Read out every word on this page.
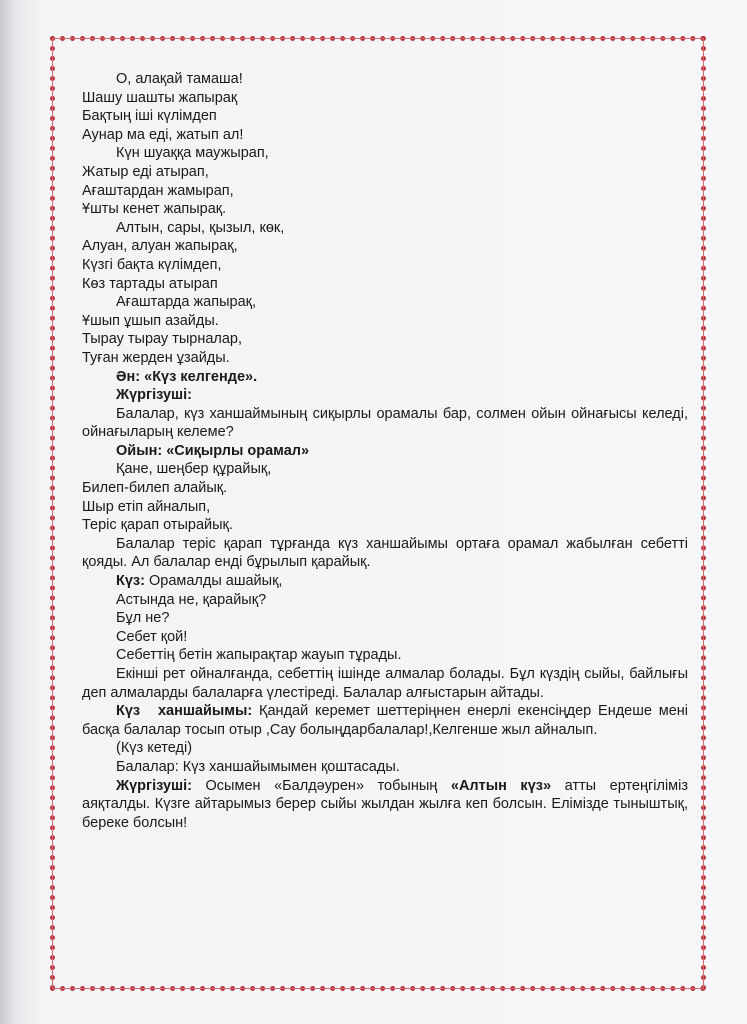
О, алақай тамаша!

Шашу шашты жапырақ

Бақтың іші күлімдеп

Аунар ма еді, жатып ал!

Күн шуаққа маужырап,

Жатыр еді атырап,

Ағаштардан жамырап,

Ұшты кенет жапырақ.

Алтын, сары, қызыл, көк,

Алуан, алуан жапырақ,

Күзгі бақта күлімдеп,

Көз тартады атырап

Ағаштарда жапырақ,

Ұшып ұшып азайды.

Тырау тырау тырналар,

Туған жерден ұзайды.

Ән: «Күз келгенде».

Жүргізуші:

Балалар, күз ханшаймының сиқырлы орамалы бар, солмен ойын ойнағысы келеді, ойнағыларың келеме?

Ойын: «Сиқырлы орамал»

Қане, шеңбер құрайық,

Билеп-билеп алайық.

Шыр етіп айналып,

Теріс қарап отырайық.

Балалар теріс қарап тұрғанда күз ханшайымы ортаға орамал жабылған себетті қояды. Ал балалар енді бұрылып қарайық.

Күз: Орамалды ашайық,

Астында не, қарайық?

Бұл не?

Себет қой!

Себеттің бетін жапырақтар жауып тұрады.

Екінші рет ойналғанда, себеттің ішінде алмалар болады. Бұл күздің сыйы, байлығы деп алмаларды балаларға үлестіреді. Балалар алғыстарын айтады.

Күз ханшайымы: Қандай керемет шеттеріңнен енерлі екенсіңдер Ендеше мені басқа балалар тосып отыр ,Сау болыңдарбалалар!,Келгенше жыл айналып.

(Күз кетеді)

Балалар: Күз ханшайымымен қоштасады.

Жүргізуші: Осымен «Балдәурен» тобының «Алтын күз» атты ертеңгіліміз аяқталды. Күзге айтарымыз берер сыйы жылдан жылға кеп болсын. Елімізде тыныштық, береке болсын!
